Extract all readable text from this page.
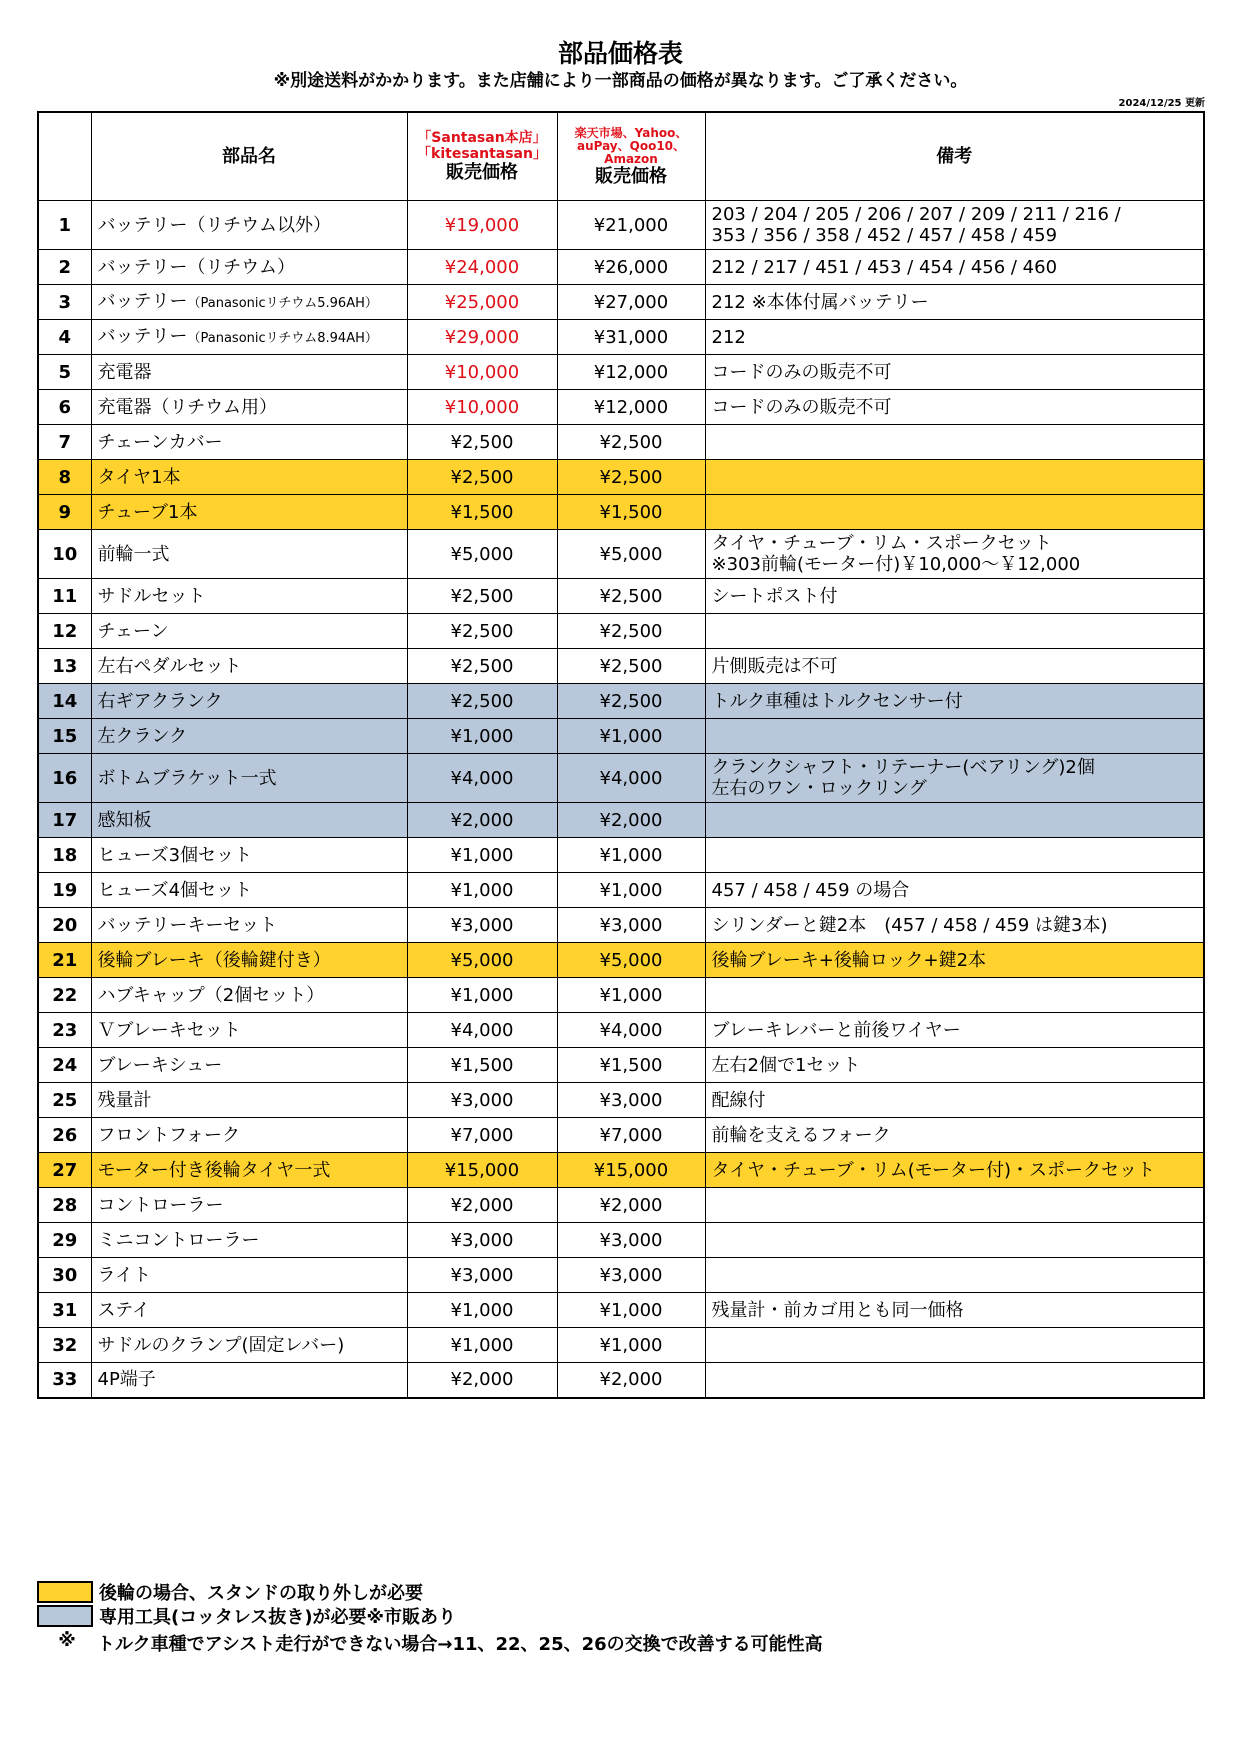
部品価格表
※別途送料がかかります。また店舗により一部商品の価格が異なります。ご了承ください。
2024/12/25 更新
	部品名	「Santasan本店」
「kitesantasan」
販売価格	楽天市場、Yahoo、
auPay、Qoo10、
Amazon
販売価格	備考
1	バッテリー（リチウム以外）	¥19,000	¥21,000	203 / 204 / 205 / 206 / 207 / 209 / 211 / 216 /
353 / 356 / 358 / 452 / 457 / 458 / 459

2	バッテリー（リチウム）	¥24,000	¥26,000	212 / 217 / 451 / 453 / 454 / 456 / 460

3	バッテリー（Panasonicリチウム5.96AH）	¥25,000	¥27,000	212 ※本体付属バッテリー

4	バッテリー（Panasonicリチウム8.94AH）	¥29,000	¥31,000	212

5	充電器	¥10,000	¥12,000	コードのみの販売不可

6	充電器（リチウム用）	¥10,000	¥12,000	コードのみの販売不可

7	チェーンカバー	¥2,500	¥2,500	
8	タイヤ1本	¥2,500	¥2,500	
9	チューブ1本	¥1,500	¥1,500	
10	前輪一式	¥5,000	¥5,000	タイヤ・チューブ・リム・スポークセット
※303前輪(モーター付)￥10,000～￥12,000

11	サドルセット	¥2,500	¥2,500	シートポスト付

12	チェーン	¥2,500	¥2,500	
13	左右ペダルセット	¥2,500	¥2,500	片側販売は不可

14	右ギアクランク	¥2,500	¥2,500	トルク車種はトルクセンサー付

15	左クランク	¥1,000	¥1,000	
16	ボトムブラケット一式	¥4,000	¥4,000	クランクシャフト・リテーナー(ベアリング)2個
左右のワン・ロックリング

17	感知板	¥2,000	¥2,000	
18	ヒューズ3個セット	¥1,000	¥1,000	
19	ヒューズ4個セット	¥1,000	¥1,000	457 / 458 / 459 の場合

20	バッテリーキーセット	¥3,000	¥3,000	シリンダーと鍵2本　(457 / 458 / 459 は鍵3本)

21	後輪ブレーキ（後輪鍵付き）	¥5,000	¥5,000	後輪ブレーキ+後輪ロック+鍵2本

22	ハブキャップ（2個セット）	¥1,000	¥1,000	
23	Ｖブレーキセット	¥4,000	¥4,000	ブレーキレバーと前後ワイヤー

24	ブレーキシュー	¥1,500	¥1,500	左右2個で1セット

25	残量計	¥3,000	¥3,000	配線付

26	フロントフォーク	¥7,000	¥7,000	前輪を支えるフォーク

27	モーター付き後輪タイヤ一式	¥15,000	¥15,000	タイヤ・チューブ・リム(モーター付)・スポークセット

28	コントローラー	¥2,000	¥2,000	
29	ミニコントローラー	¥3,000	¥3,000	
30	ライト	¥3,000	¥3,000	
31	ステイ	¥1,000	¥1,000	残量計・前カゴ用とも同一価格

32	サドルのクランプ(固定レバー)	¥1,000	¥1,000	
33	4P端子	¥2,000	¥2,000	
後輪の場合、スタンドの取り外しが必要
専用工具(コッタレス抜き)が必要※市販あり
※	トルク車種でアシスト走行ができない場合→11、22、25、26の交換で改善する可能性高
